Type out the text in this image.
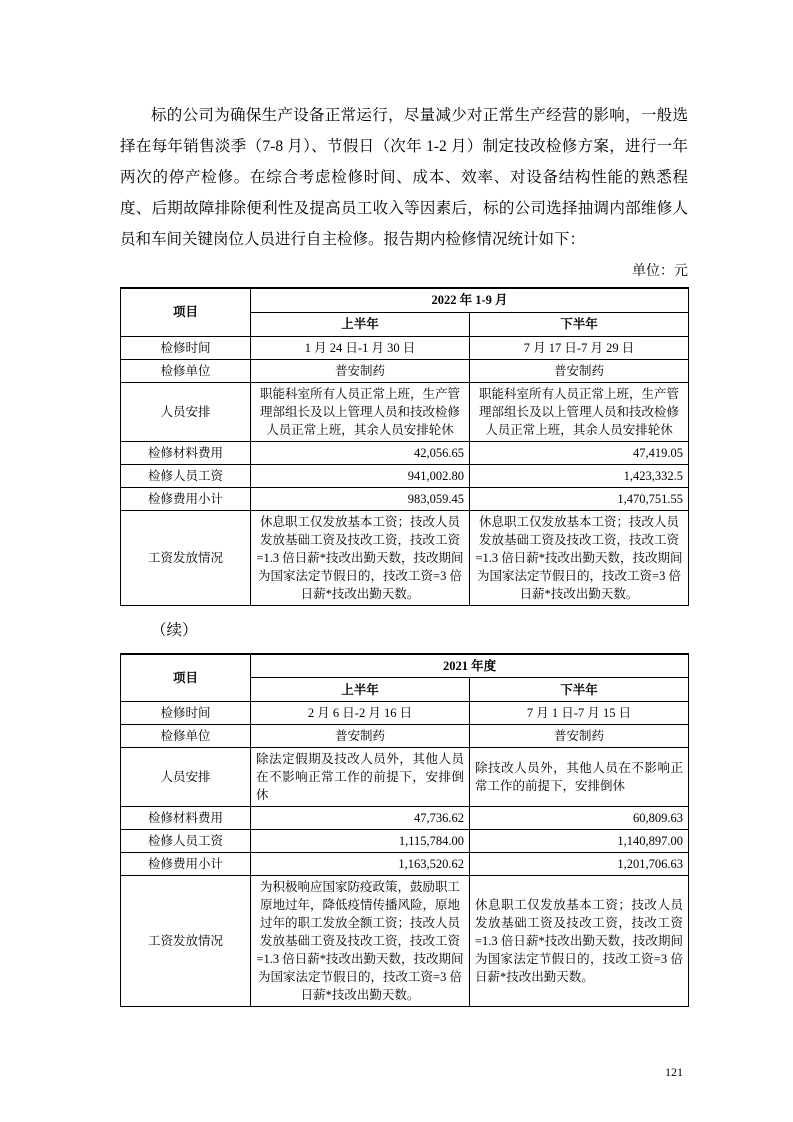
标的公司为确保生产设备正常运行，尽量减少对正常生产经营的影响，一般选择在每年销售淡季（7-8 月）、节假日（次年 1-2 月）制定技改检修方案，进行一年两次的停产检修。在综合考虑检修时间、成本、效率、对设备结构性能的熟悉程度、后期故障排除便利性及提高员工收入等因素后，标的公司选择抽调内部维修人员和车间关键岗位人员进行自主检修。报告期内检修情况统计如下：

单位：元
项目	2022 年 1-9 月	
	上半年	下半年
检修时间	1 月 24 日-1 月 30 日	7 月 17 日-7 月 29 日
检修单位	普安制药	普安制药
人员安排	职能科室所有人员正常上班，生产管理部组长及以上管理人员和技改检修人员正常上班，其余人员安排轮休	职能科室所有人员正常上班，生产管理部组长及以上管理人员和技改检修人员正常上班，其余人员安排轮休
检修材料费用	42,056.65	47,419.05
检修人员工资	941,002.80	1,423,332.5
检修费用小计	983,059.45	1,470,751.55
工资发放情况	休息职工仅发放基本工资；技改人员发放基础工资及技改工资，技改工资=1.3 倍日薪*技改出勤天数，技改期间为国家法定节假日的，技改工资=3 倍日薪*技改出勤天数。	休息职工仅发放基本工资；技改人员发放基础工资及技改工资，技改工资=1.3 倍日薪*技改出勤天数，技改期间为国家法定节假日的，技改工资=3 倍日薪*技改出勤天数。
（续）
项目	2021 年度	
	上半年	下半年
检修时间	2 月 6 日-2 月 16 日	7 月 1 日-7 月 15 日
检修单位	普安制药	普安制药
人员安排	除法定假期及技改人员外，其他人员在不影响正常工作的前提下，安排倒休	除技改人员外，其他人员在不影响正常工作的前提下，安排倒休
检修材料费用	47,736.62	60,809.63
检修人员工资	1,115,784.00	1,140,897.00
检修费用小计	1,163,520.62	1,201,706.63
工资发放情况	为积极响应国家防疫政策，鼓励职工原地过年，降低疫情传播风险，原地过年的职工发放全额工资；技改人员发放基础工资及技改工资，技改工资=1.3 倍日薪*技改出勤天数，技改期间为国家法定节假日的，技改工资=3 倍日薪*技改出勤天数。	休息职工仅发放基本工资；技改人员发放基础工资及技改工资，技改工资=1.3 倍日薪*技改出勤天数，技改期间为国家法定节假日的，技改工资=3 倍日薪*技改出勤天数。
121
